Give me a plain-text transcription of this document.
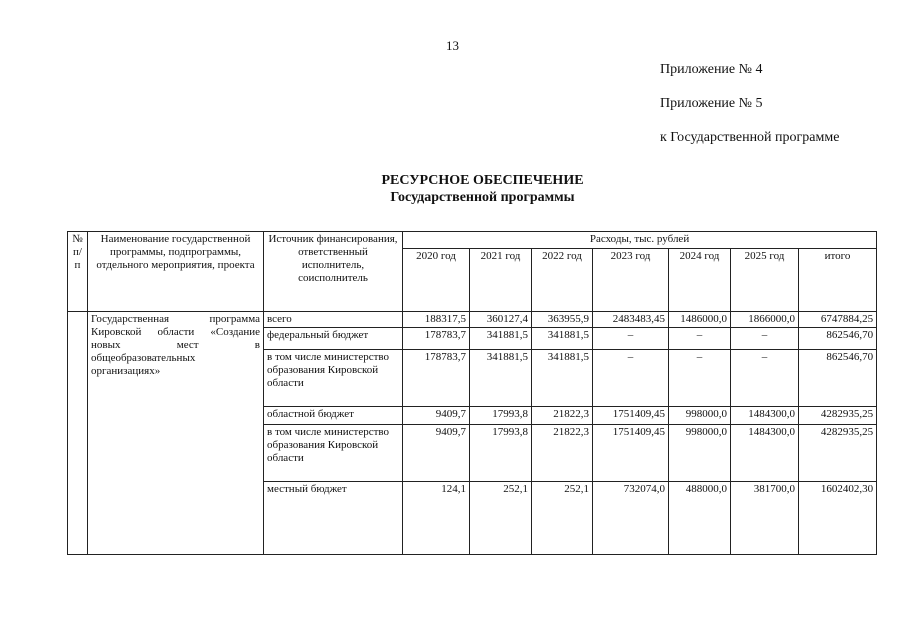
13
Приложение № 4
Приложение № 5
к Государственной программе
РЕСУРСНОЕ ОБЕСПЕЧЕНИЕ
Государственной программы
№ п/п	Наименование государственной программы, подпрограммы, отдельного мероприятия, проекта	Источник финансирования, ответственный исполнитель, соисполнитель	Расходы, тыс. рублей						
			2020 год	2021 год	2022 год	2023 год	2024 год	2025 год	итого
	Государственная программа Кировской области «Создание новых мест в общеобразовательных организациях»	всего	188317,5	360127,4	363955,9	2483483,45	1486000,0	1866000,0	6747884,25
		федеральный бюджет	178783,7	341881,5	341881,5	–	–	–	862546,70
		в том числе министерство образования Кировской области	178783,7	341881,5	341881,5	–	–	–	862546,70
		областной бюджет	9409,7	17993,8	21822,3	1751409,45	998000,0	1484300,0	4282935,25
		в том числе министерство образования Кировской области	9409,7	17993,8	21822,3	1751409,45	998000,0	1484300,0	4282935,25
		местный бюджет	124,1	252,1	252,1	732074,0	488000,0	381700,0	1602402,30
